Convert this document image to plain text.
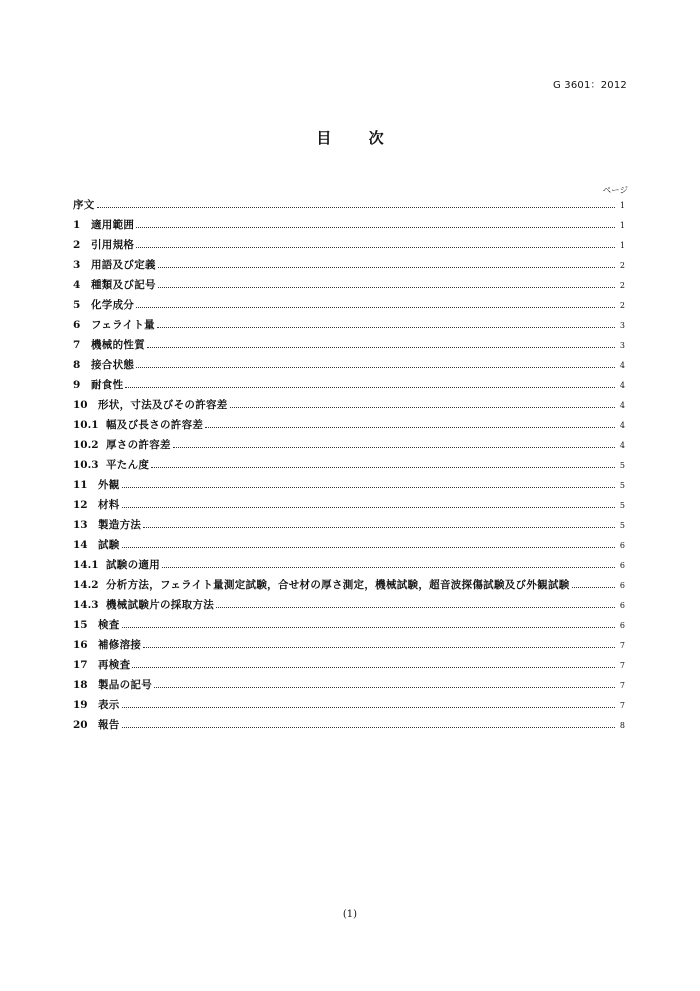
G 3601：2012
目 次
ページ
序文	1
1	適用範囲	1
2	引用規格	1
3	用語及び定義	2
4	種類及び記号	2
5	化学成分	2
6	フェライト量	3
7	機械的性質	3
8	接合状態	4
9	耐食性	4
10 形状，寸法及びその許容差	4
10.1 幅及び長さの許容差	4
10.2 厚さの許容差	4
10.3 平たん度	5
11 外観	5
12 材料	5
13 製造方法	5
14 試験	6
14.1 試験の適用	6
14.2 分析方法，フェライト量測定試験，合せ材の厚さ測定，機械試験，超音波探傷試験及び外観試験	6
14.3 機械試験片の採取方法	6
15 検査	6
16 補修溶接	7
17 再検査	7
18 製品の記号	7
19 表示	7
20 報告	8
(1)
